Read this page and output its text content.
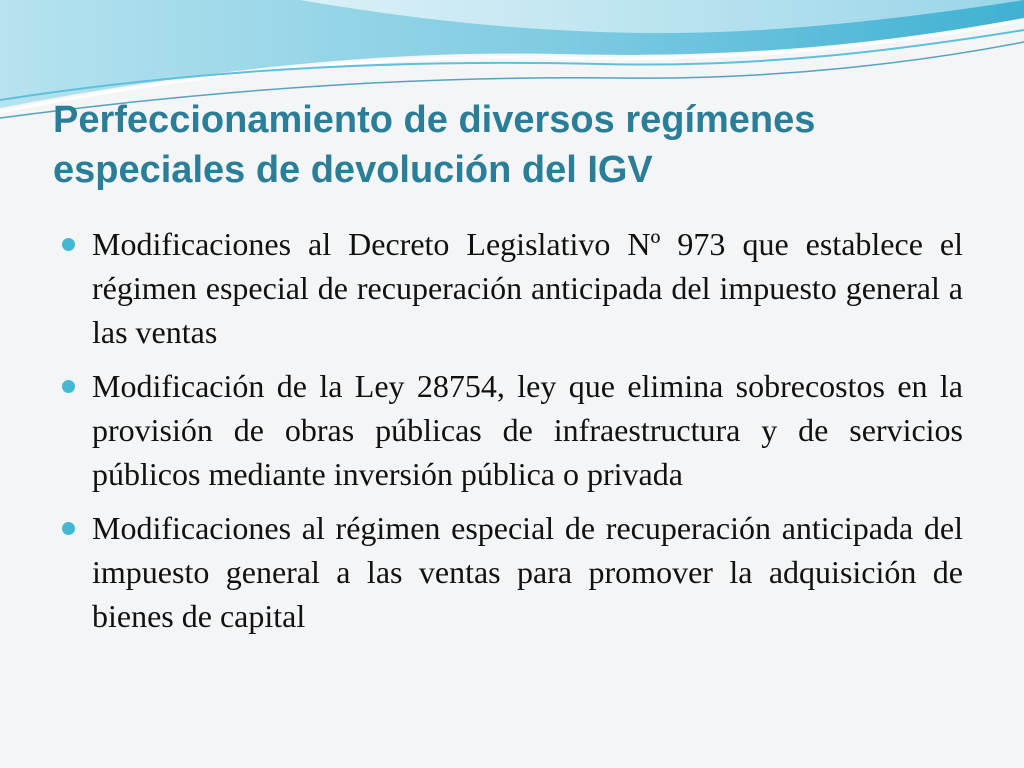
Perfeccionamiento de diversos regímenes especiales de devolución del IGV
Modificaciones al Decreto Legislativo Nº 973 que establece el régimen especial de recuperación anticipada del impuesto general a las ventas
Modificación de la Ley 28754, ley que elimina sobrecostos en la provisión de obras públicas de infraestructura y de servicios públicos mediante inversión pública o privada
Modificaciones al régimen especial de recuperación anticipada del impuesto general a las ventas para promover la adquisición de bienes de capital
